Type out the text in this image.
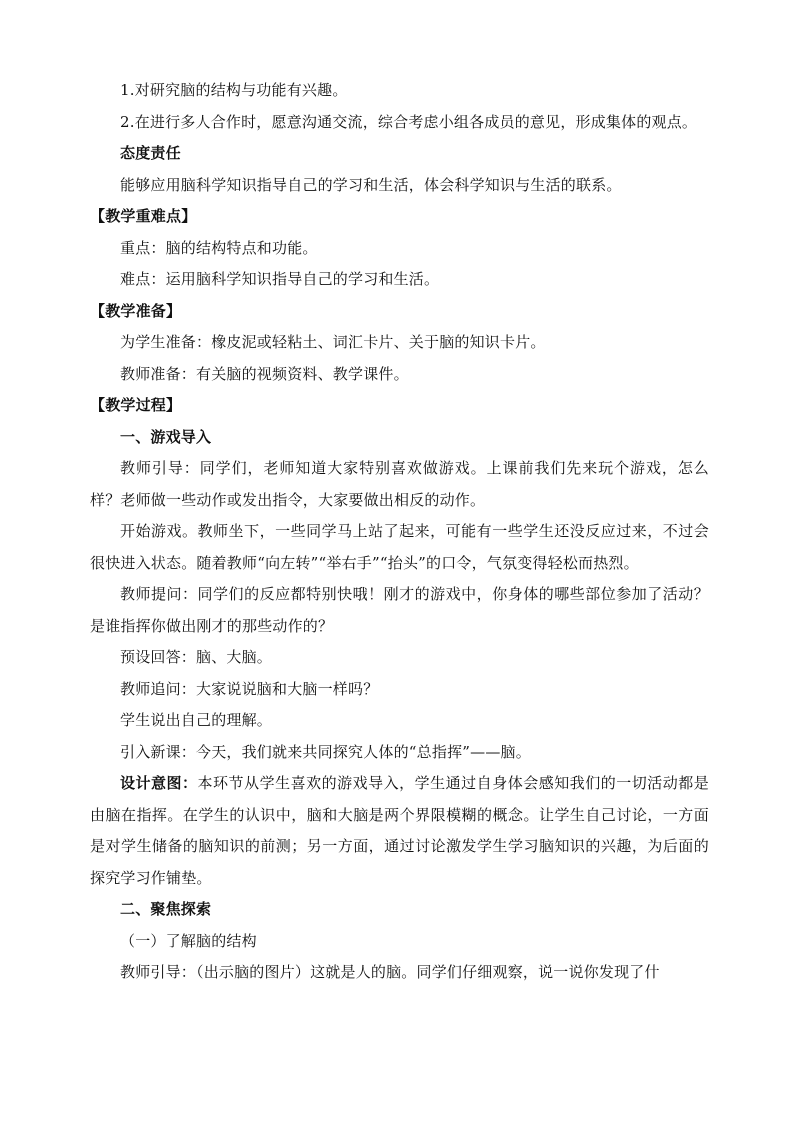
1.对研究脑的结构与功能有兴趣。

2.在进行多人合作时，愿意沟通交流，综合考虑小组各成员的意见，形成集体的观点。

态度责任

能够应用脑科学知识指导自己的学习和生活，体会科学知识与生活的联系。

【教学重难点】

重点：脑的结构特点和功能。

难点：运用脑科学知识指导自己的学习和生活。

【教学准备】

为学生准备：橡皮泥或轻粘土、词汇卡片、关于脑的知识卡片。

教师准备：有关脑的视频资料、教学课件。

【教学过程】

一、游戏导入

教师引导：同学们，老师知道大家特别喜欢做游戏。上课前我们先来玩个游戏，怎么样？老师做一些动作或发出指令，大家要做出相反的动作。

开始游戏。教师坐下，一些同学马上站了起来，可能有一些学生还没反应过来，不过会很快进入状态。随着教师“向左转”“举右手”“抬头”的口令，气氛变得轻松而热烈。

教师提问：同学们的反应都特别快哦！刚才的游戏中，你身体的哪些部位参加了活动？是谁指挥你做出刚才的那些动作的？

预设回答：脑、大脑。

教师追问：大家说说脑和大脑一样吗？

学生说出自己的理解。

引入新课：今天，我们就来共同探究人体的“总指挥”——脑。

设计意图：本环节从学生喜欢的游戏导入，学生通过自身体会感知我们的一切活动都是由脑在指挥。在学生的认识中，脑和大脑是两个界限模糊的概念。让学生自己讨论，一方面是对学生储备的脑知识的前测；另一方面，通过讨论激发学生学习脑知识的兴趣，为后面的探究学习作铺垫。

二、聚焦探索

（一）了解脑的结构

教师引导：（出示脑的图片）这就是人的脑。同学们仔细观察，说一说你发现了什
